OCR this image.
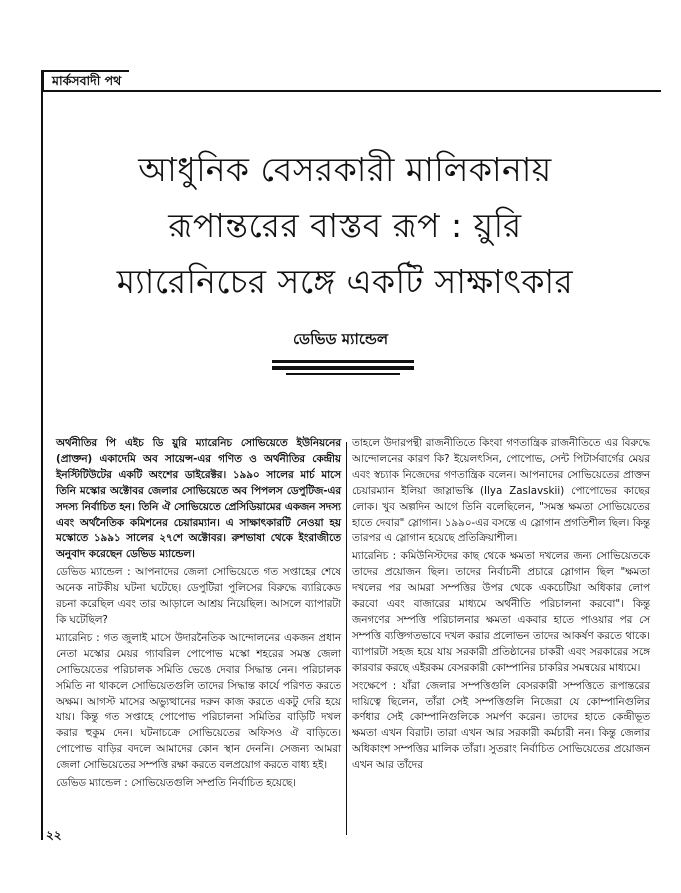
মার্কসবাদী পথ
আধুনিক বেসরকারী মালিকানায়
রূপান্তরের বাস্তব রূপ : য়ুরি
ম্যারেনিচের সঙ্গে একটি সাক্ষাৎকার
ডেভিড ম্যান্ডেল

অর্থনীতির পি এইচ ডি য়ুরি ম্যারেনিচ সোভিয়েতে ইউনিয়নের (প্রাক্তন) একাদেমি অব সায়েন্স-এর গণিত ও অর্থনীতির কেন্দ্রীয় ইনস্টিটিউটের একটি অংশের ডাইরেক্টর। ১৯৯০ সালের মার্চ মাসে তিনি মস্কোর অক্টোবর জেলার সোভিয়েতে অব পিপলস ডেপুটিজ-এর সদস্য নির্বাচিত হন। তিনি ঐ সোভিয়েতে প্রেসিডিয়ামের একজন সদস্য এবং অর্থনৈতিক কমিশনের চেয়ারম্যান। এ সাক্ষাৎকারটি নেওয়া হয় মস্কোতে ১৯৯১ সালের ২৭শে অক্টোবর। রুশভাষা থেকে ইংরাজীতে অনুবাদ করেছেন ডেভিড ম্যান্ডেল।

ডেভিড ম্যান্ডেল : আপনাদের জেলা সোভিয়েতে গত সপ্তাহের শেষে অনেক নাটকীয় ঘটনা ঘটেছে। ডেপুটিরা পুলিসের বিরুদ্ধে ব্যারিকেড রচনা করেছিল এবং তার আড়ালে আশ্রয় নিয়েছিল। আসলে ব্যাপারটা কি ঘটেছিল?

ম্যারেনিচ : গত জুলাই মাসে উদারনৈতিক আন্দোলনের একজন প্রধান নেতা মস্কোর মেয়র গ্যাবরিল পোপোভ মস্কো শহরের সমস্ত জেলা সোভিয়েতের পরিচালক সমিতি ভেঙে দেবার সিদ্ধান্ত নেন। পরিচালক সমিতি না থাকলে সোভিয়েতগুলি তাদের সিদ্ধান্ত কার্যে পরিণত করতে অক্ষম। আগস্ট মাসের অভ্যুত্থানের দরুন কাজ করতে একটু দেরি হয়ে যায়। কিন্তু গত সপ্তাহে পোপোভ পরিচালনা সমিতির বাড়িটি দখল করার হুকুম দেন। ঘটনাচক্রে সোভিয়েতের অফিসও ঐ বাড়িতে। পোপোভ বাড়ির বদলে আমাদের কোন স্থান দেননি। সেজন্য আমরা জেলা সোভিয়েতের সম্পত্তি রক্ষা করতে বলপ্রয়োগ করতে বাধ্য হই।

ডেভিড ম্যান্ডেল : সোভিয়েতগুলি সম্প্রতি নির্বাচিত হয়েছে।

তাহলে উদারপন্থী রাজনীতিতে কিংবা গণতান্ত্রিক রাজনীতিতে এর বিরুদ্ধে আন্দোলনের কারণ কি? ইয়েলৎসিন, পোপোভ, সেন্ট পিটার্সবার্গের মেয়র এবং স্বচ্যাক নিজেদের গণতান্ত্রিক বলেন। আপনাদের সোভিয়েতের প্রাক্তন চেয়ারম্যান ইলিয়া জাস্লাভস্কি (Ilya Zaslavskii) পোপোভের কাছের লোক। খুব অল্পদিন আগে তিনি বলেছিলেন, "সমস্ত ক্ষমতা সোভিয়েতের হাতে দেবার" স্লোগান। ১৯৯০-এর বসন্তে এ স্লোগান প্রগতিশীল ছিল। কিন্তু তারপর এ স্লোগান হয়েছে প্রতিক্রিয়াশীল।

ম্যারেনিচ : কমিউনিস্টদের কাছ থেকে ক্ষমতা দখলের জন্য সোভিয়েতকে তাদের প্রয়োজন ছিল। তাদের নির্বাচনী প্রচারে স্লোগান ছিল "ক্ষমতা দখলের পর আমরা সম্পত্তির উপর থেকে একচেটিয়া অধিকার লোপ করবো এবং বাজারের মাধ্যমে অর্থনীতি পরিচালনা করবো"। কিন্তু জনগণের সম্পত্তি পরিচালনার ক্ষমতা একবার হাতে পাওয়ার পর সে সম্পত্তি ব্যক্তিগতভাবে দখল করার প্রলোভন তাদের আকর্ষণ করতে থাকে। ব্যাপারটা সহজ হয়ে যায় সরকারী প্রতিষ্ঠানের চাকরী এবং সরকারের সঙ্গে কারবার করছে এইরকম বেসরকারী কোম্পানির চাকরির সমন্বয়ের মাধ্যমে।

সংক্ষেপে : যাঁরা জেলার সম্পত্তিগুলি বেসরকারী সম্পত্তিতে রূপান্তরের দায়িত্বে ছিলেন, তাঁরা সেই সম্পত্তিগুলি নিজেরা যে কোম্পানিগুলির কর্ণধার সেই কোম্পানিগুলিকে সমর্পণ করেন। তাদের হাতে কেন্দ্রীভূত ক্ষমতা এখন বিরাট। তারা এখন আর সরকারী কর্মচারী নন। কিন্তু জেলার অধিকাংশ সম্পত্তির মালিক তাঁরা। সুতরাং নির্বাচিত সোভিয়েতের প্রয়োজন এখন আর তাঁদের

২২
